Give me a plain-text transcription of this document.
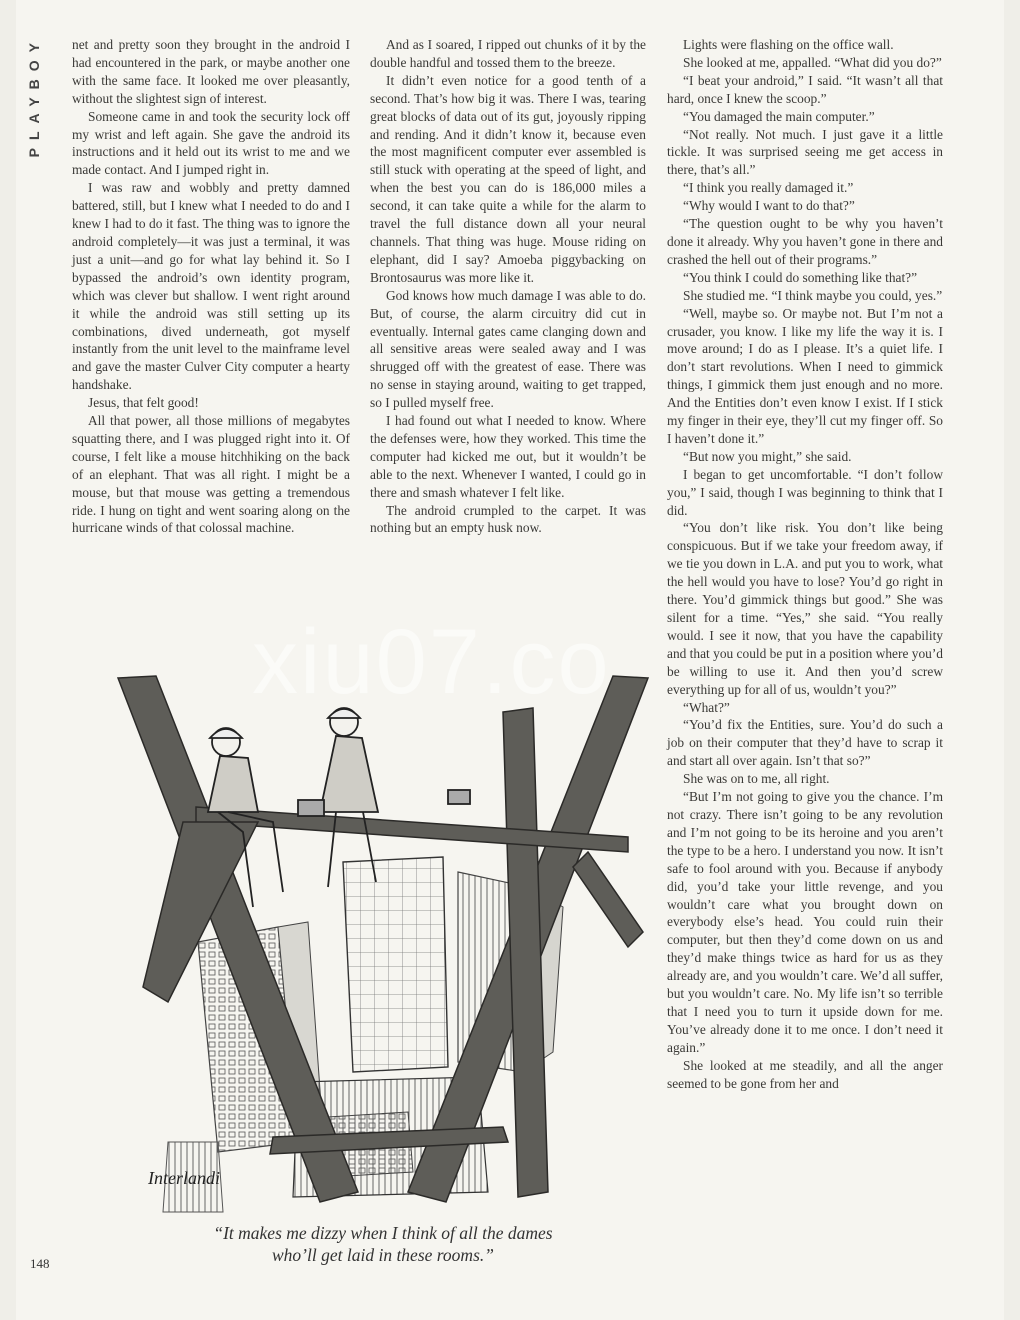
PLAYBOY net and pretty soon they brought in the android I had encountered in the park, or maybe another one with the same face. It looked me over pleasantly, without the slightest sign of interest.

Someone came in and took the security lock off my wrist and left again. She gave the android its instructions and it held out its wrist to me and we made contact. And I jumped right in.

I was raw and wobbly and pretty damned battered, still, but I knew what I needed to do and I knew I had to do it fast. The thing was to ignore the android completely—it was just a terminal, it was just a unit—and go for what lay behind it. So I bypassed the android’s own identity program, which was clever but shallow. I went right around it while the android was still setting up its combinations, dived underneath, got myself instantly from the unit level to the mainframe level and gave the master Culver City computer a hearty handshake.

Jesus, that felt good!

All that power, all those millions of megabytes squatting there, and I was plugged right into it. Of course, I felt like a mouse hitchhiking on the back of an elephant. That was all right. I might be a mouse, but that mouse was getting a tremendous ride. I hung on tight and went soaring along on the hurricane winds of that colossal machine.

And as I soared, I ripped out chunks of it by the double handful and tossed them to the breeze.

It didn’t even notice for a good tenth of a second. That’s how big it was. There I was, tearing great blocks of data out of its gut, joyously ripping and rending. And it didn’t know it, because even the most magnificent computer ever assembled is still stuck with operating at the speed of light, and when the best you can do is 186,000 miles a second, it can take quite a while for the alarm to travel the full distance down all your neural channels. That thing was huge. Mouse riding on elephant, did I say? Amoeba piggybacking on Brontosaurus was more like it.

God knows how much damage I was able to do. But, of course, the alarm circuitry did cut in eventually. Internal gates came clanging down and all sensitive areas were sealed away and I was shrugged off with the greatest of ease. There was no sense in staying around, waiting to get trapped, so I pulled myself free.

I had found out what I needed to know. Where the defenses were, how they worked. This time the computer had kicked me out, but it wouldn’t be able to the next. Whenever I wanted, I could go in there and smash whatever I felt like.

The android crumpled to the carpet. It was nothing but an empty husk now.

Lights were flashing on the office wall.

She looked at me, appalled. “What did you do?”

“I beat your android,” I said. “It wasn’t all that hard, once I knew the scoop.”

“You damaged the main computer.”

“Not really. Not much. I just gave it a little tickle. It was surprised seeing me get access in there, that’s all.”

“I think you really damaged it.”

“Why would I want to do that?”

“The question ought to be why you haven’t done it already. Why you haven’t gone in there and crashed the hell out of their programs.”

“You think I could do something like that?”

She studied me. “I think maybe you could, yes.”

“Well, maybe so. Or maybe not. But I’m not a crusader, you know. I like my life the way it is. I move around; I do as I please. It’s a quiet life. I don’t start revolutions. When I need to gimmick things, I gimmick them just enough and no more. And the Entities don’t even know I exist. If I stick my finger in their eye, they’ll cut my finger off. So I haven’t done it.”

“But now you might,” she said.

I began to get uncomfortable. “I don’t follow you,” I said, though I was beginning to think that I did.

“You don’t like risk. You don’t like being conspicuous. But if we take your freedom away, if we tie you down in L.A. and put you to work, what the hell would you have to lose? You’d go right in there. You’d gimmick things but good.” She was silent for a time. “Yes,” she said. “You really would. I see it now, that you have the capability and that you could be put in a position where you’d be willing to use it. And then you’d screw everything up for all of us, wouldn’t you?”

“What?”

“You’d fix the Entities, sure. You’d do such a job on their computer that they’d have to scrap it and start all over again. Isn’t that so?”

She was on to me, all right.

“But I’m not going to give you the chance. I’m not crazy. There isn’t going to be any revolution and I’m not going to be its heroine and you aren’t the type to be a hero. I understand you now. It isn’t safe to fool around with you. Because if anybody did, you’d take your little revenge, and you wouldn’t care what you brought down on everybody else’s head. You could ruin their computer, but then they’d come down on us and they’d make things twice as hard for us as they already are, and you wouldn’t care. We’d all suffer, but you wouldn’t care. No. My life isn’t so terrible that I need you to turn it upside down for me. You’ve already done it to me once. I don’t need it again.”

She looked at me steadily, and all the anger seemed to be gone from her and

Interlandi
“It makes me dizzy when I think of all the dames
who’ll get laid in these rooms.”
148
xiu07.co
